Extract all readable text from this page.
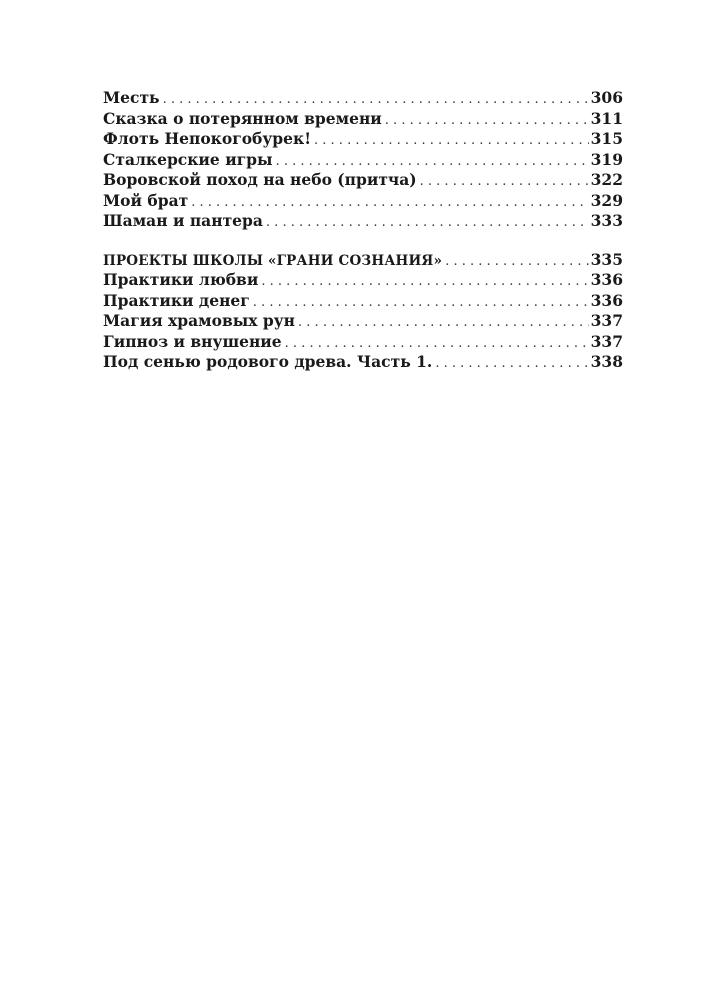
Месть . . .	306
Сказка о потерянном времени . . .	311
Флоть Непокогобурек! . . .	315
Сталкерские игры . . .	319
Воровской поход на небо (притча) . . .	322
Мой брат . . .	329
Шаман и пантера . . .	333
ПРОЕКТЫ ШКОЛЫ «ГРАНИ СОЗНАНИЯ» . . .	335
Практики любви . . .	336
Практики денег . . .	336
Магия храмовых рун . . .	337
Гипноз и внушение . . .	337
Под сенью родового древа. Часть 1. . . .	338
